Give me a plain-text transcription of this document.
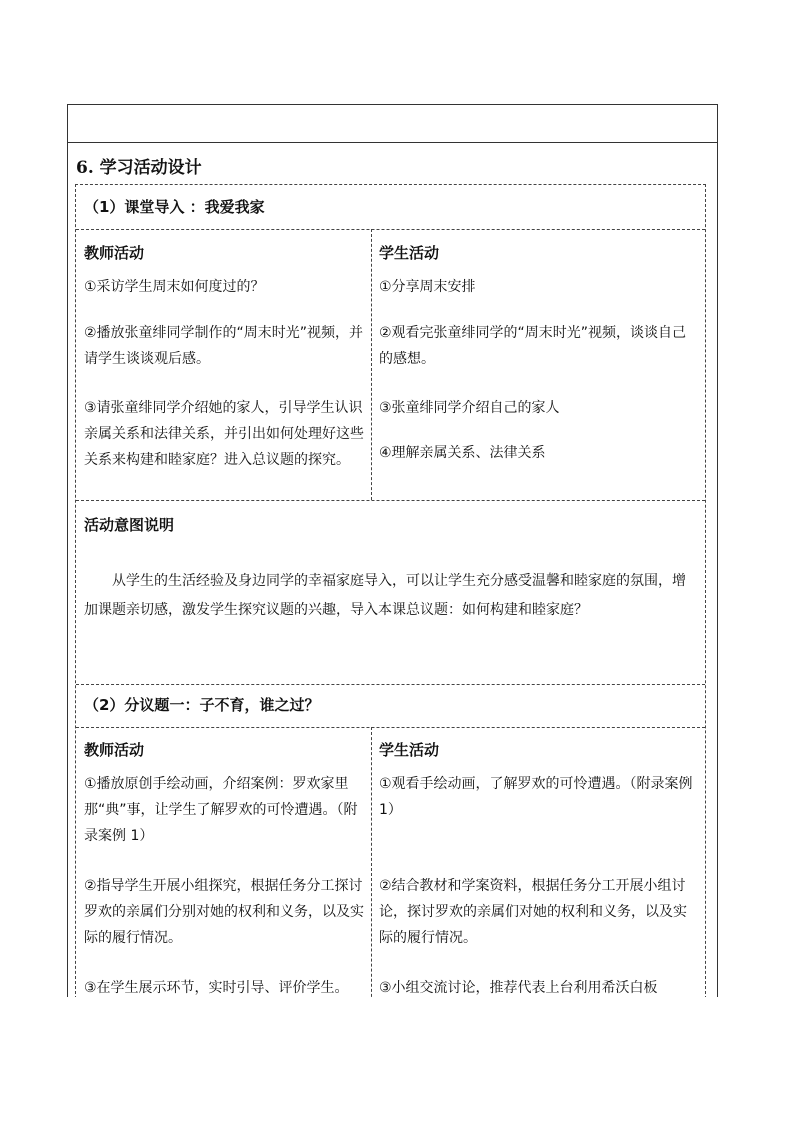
6. 学习活动设计
（1）课堂导入 ：我爱我家
教师活动	学生活动
①采访学生周末如何度过的？
②播放张童绯同学制作的“周末时光”视频，并请学生谈谈观后感。
③请张童绯同学介绍她的家人，引导学生认识亲属关系和法律关系，并引出如何处理好这些关系来构建和睦家庭？进入总议题的探究。
①分享周末安排
②观看完张童绯同学的“周末时光”视频，谈谈自己的感想。
③张童绯同学介绍自己的家人
④理解亲属关系、法律关系
活动意图说明
从学生的生活经验及身边同学的幸福家庭导入，可以让学生充分感受温馨和睦家庭的氛围，增加课题亲切感，激发学生探究议题的兴趣，导入本课总议题：如何构建和睦家庭？
（2）分议题一：子不育，谁之过？
教师活动	学生活动
①播放原创手绘动画，介绍案例：罗欢家里那“典”事，让学生了解罗欢的可怜遭遇。（附录案例 1）
②指导学生开展小组探究，根据任务分工探讨罗欢的亲属们分别对她的权利和义务，以及实际的履行情况。
③在学生展示环节，实时引导、评价学生。
①观看手绘动画，了解罗欢的可怜遭遇。（附录案例 1）
②结合教材和学案资料，根据任务分工开展小组讨论，探讨罗欢的亲属们对她的权利和义务，以及实际的履行情况。
③小组交流讨论，推荐代表上台利用希沃白板
